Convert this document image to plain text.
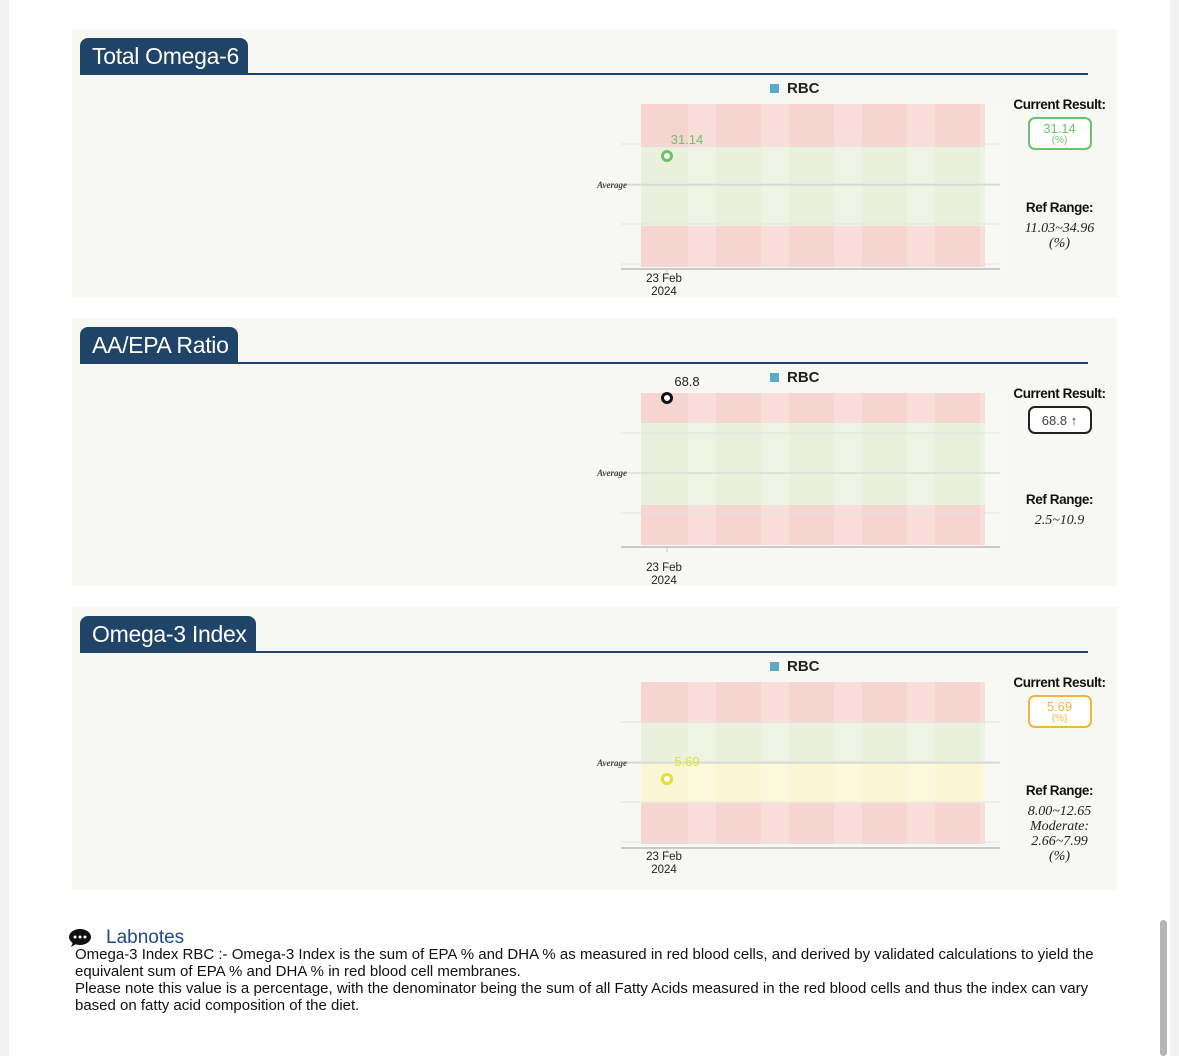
Total Omega-6
Average
23 Feb
2024
31.14
RBC
Current Result:
31.14
(%)
Ref Range:
11.03~34.96
(%)
AA/EPA Ratio
Average
23 Feb
2024
68.8	RBC
Current Result:
68.8 ↑
Ref Range:
2.5~10.9
Omega-3 Index
Average
23 Feb
2024
5.69
RBC
Current Result:
5.69
(%)
Ref Range:
8.00~12.65
Moderate:
2.66~7.99
(%)
Labnotes
Omega-3 Index RBC :- Omega-3 Index is the sum of EPA % and DHA % as measured in red blood cells, and derived by validated calculations to yield the equivalent sum of EPA % and DHA % in red blood cell membranes.
Please note this value is a percentage, with the denominator being the sum of all Fatty Acids measured in the red blood cells and thus the index can vary based on fatty acid composition of the diet.
